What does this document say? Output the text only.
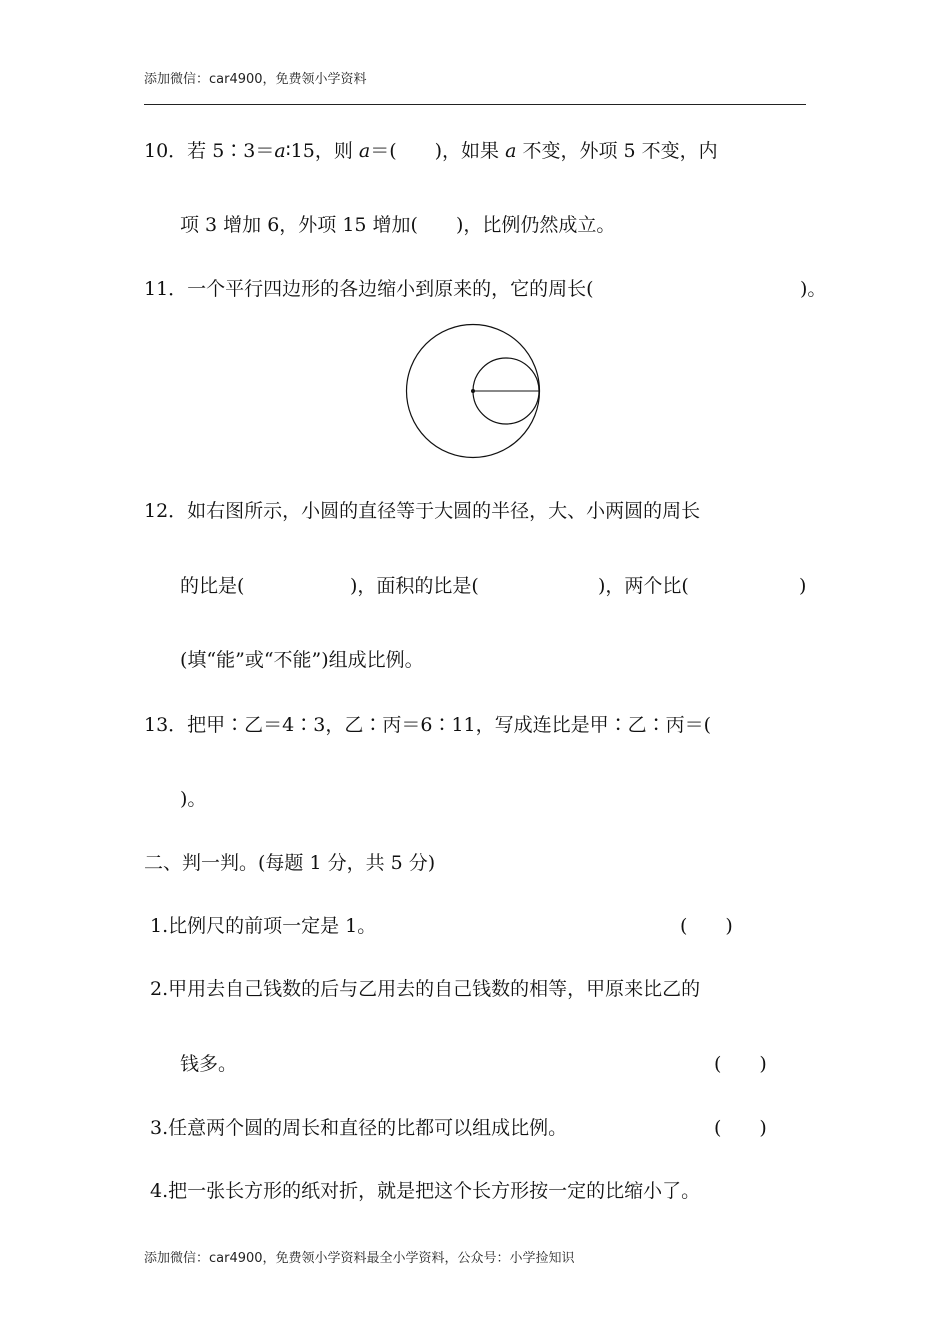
添加微信：car4900，免费领小学资料
10．若 5∶3＝a∶15，则 a＝(　　)，如果 a 不变，外项 5 不变，内
项 3 增加 6，外项 15 增加(　　)，比例仍然成立。
11．一个平行四边形的各边缩小到原来的，它的周长(	)。
12．如右图所示，小圆的直径等于大圆的半径，大、小两圆的周长
的比是(	)，面积的比是(	)，两个比(	)
(填“能”或“不能”)组成比例。
13．把甲∶乙＝4∶3，乙∶丙＝6∶11，写成连比是甲∶乙∶丙＝(
)。
二、判一判。(每题 1 分，共 5 分)
1.比例尺的前项一定是 1。	(　　)
2.甲用去自己钱数的后与乙用去的自己钱数的相等，甲原来比乙的
钱多。	(　　)
3.任意两个圆的周长和直径的比都可以组成比例。	(　　)
4.把一张长方形的纸对折，就是把这个长方形按一定的比缩小了。
添加微信：car4900，免费领小学资料最全小学资料，公众号：小学捡知识
